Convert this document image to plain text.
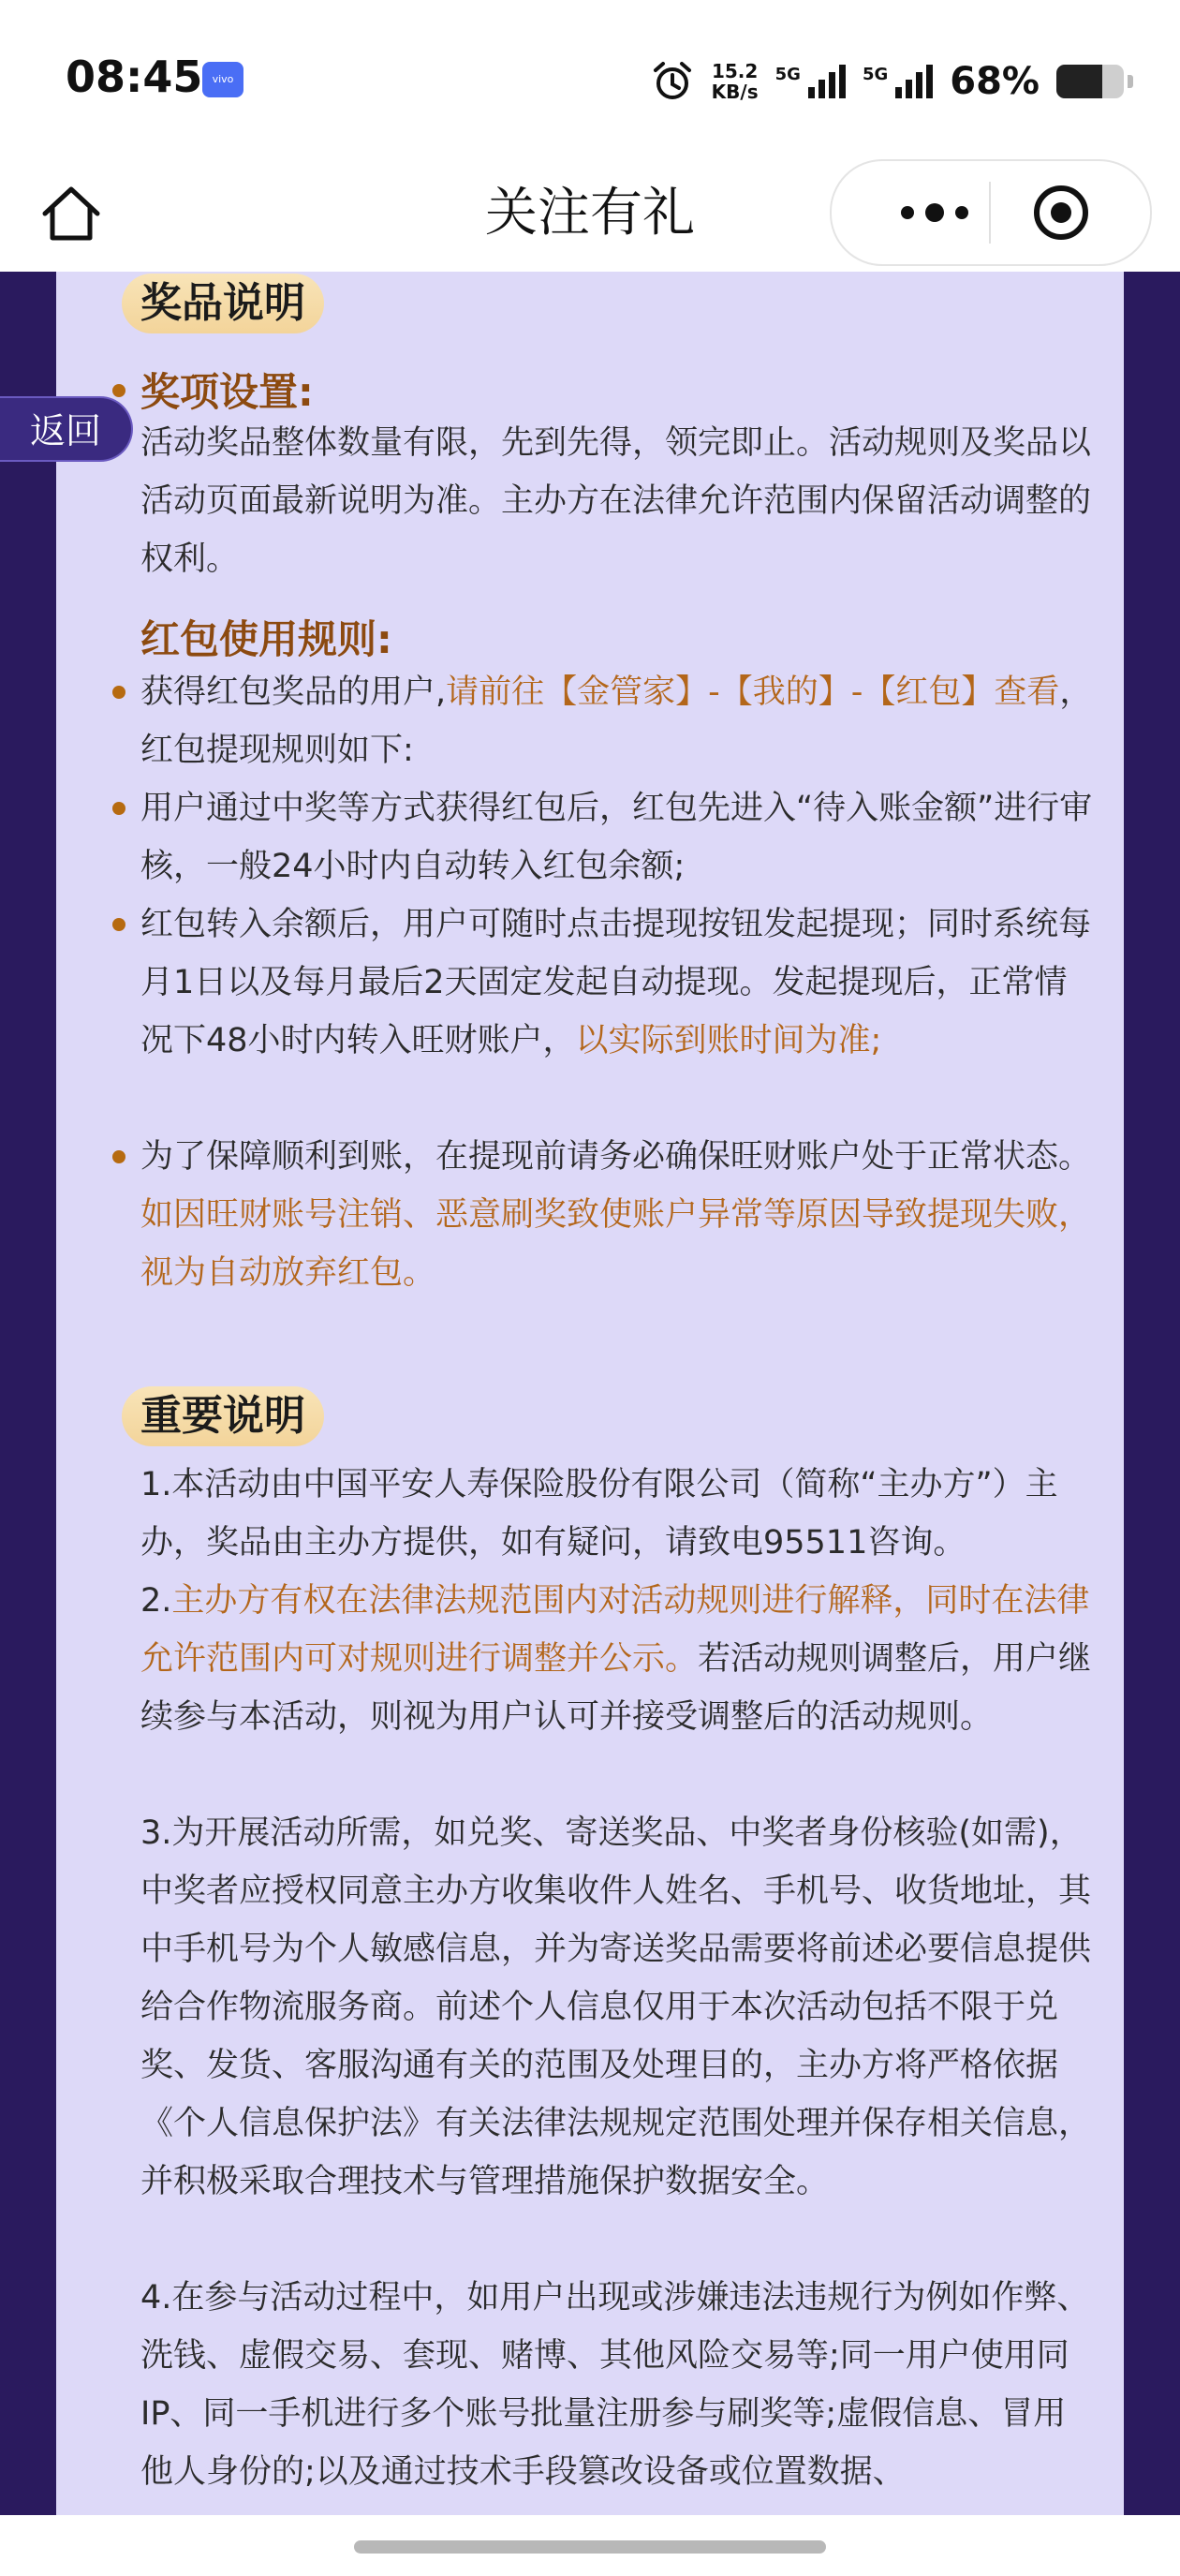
08:45 vivo	15.2
KB/s
5G	5G 68%
关注有礼
奖品说明
奖项设置:
活动奖品整体数量有限，先到先得，领完即止。活动规则及奖品以活动页面最新说明为准。主办方在法律允许范围内保留活动调整的权利。
红包使用规则:
获得红包奖品的用户,请前往【金管家】-【我的】-【红包】查看，红包提现规则如下:
用户通过中奖等方式获得红包后，红包先进入“待入账金额”进行审核，一般24小时内自动转入红包余额;
红包转入余额后，用户可随时点击提现按钮发起提现；同时系统每月1日以及每月最后2天固定发起自动提现。发起提现后，正常情况下48小时内转入旺财账户，以实际到账时间为准;
为了保障顺利到账，在提现前请务必确保旺财账户处于正常状态。如因旺财账号注销、恶意刷奖致使账户异常等原因导致提现失败，视为自动放弃红包。
重要说明
1.本活动由中国平安人寿保险股份有限公司（简称“主办方”）主办，奖品由主办方提供，如有疑问，请致电95511咨询。
2.主办方有权在法律法规范围内对活动规则进行解释，同时在法律允许范围内可对规则进行调整并公示。若活动规则调整后，用户继续参与本活动，则视为用户认可并接受调整后的活动规则。
3.为开展活动所需，如兑奖、寄送奖品、中奖者身份核验(如需)，中奖者应授权同意主办方收集收件人姓名、手机号、收货地址，其中手机号为个人敏感信息，并为寄送奖品需要将前述必要信息提供给合作物流服务商。前述个人信息仅用于本次活动包括不限于兑奖、发货、客服沟通有关的范围及处理目的，主办方将严格依据《个人信息保护法》有关法律法规规定范围处理并保存相关信息，并积极采取合理技术与管理措施保护数据安全。
4.在参与活动过程中，如用户出现或涉嫌违法违规行为例如作弊、洗钱、虚假交易、套现、赌博、其他风险交易等;同一用户使用同IP、同一手机进行多个账号批量注册参与刷奖等;虚假信息、冒用他人身份的;以及通过技术手段篡改设备或位置数据、
返回
